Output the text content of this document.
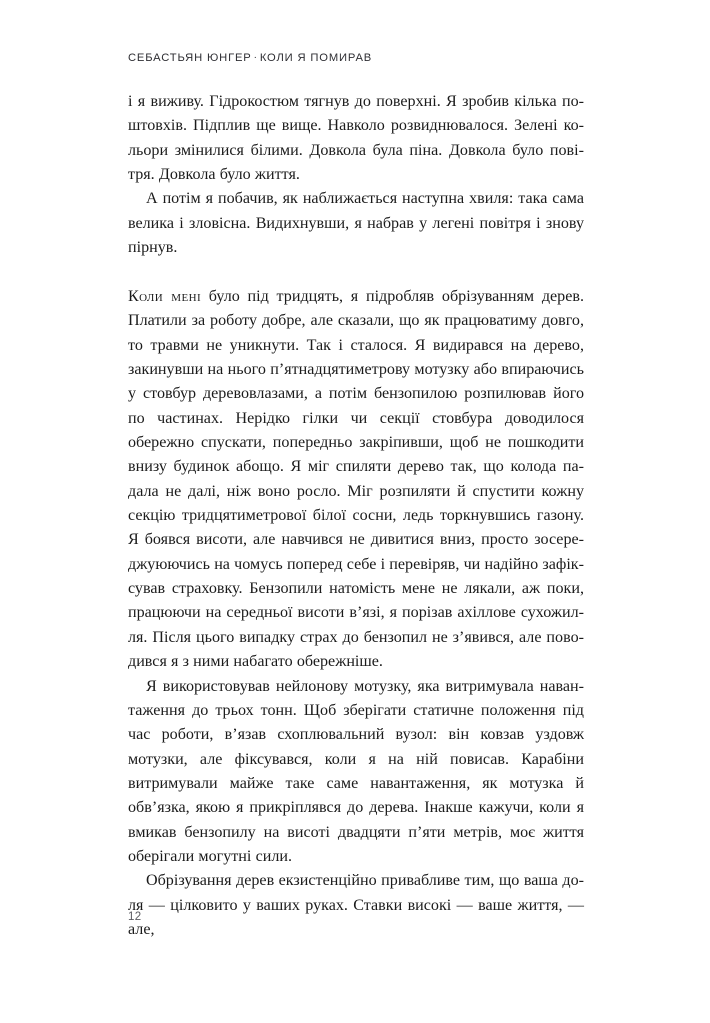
СЕБАСТЬЯН ЮНГЕР · КОЛИ Я ПОМИРАВ

і я виживу. Гідрокостюм тягнув до поверхні. Я зробив кілька поштовхів. Підплив ще вище. Навколо розвиднювалося. Зелені кольори змінилися білими. Довкола була піна. Довкола було повітря. Довкола було життя.

А потім я побачив, як наближається наступна хвиля: така сама велика і зловісна. Видихнувши, я набрав у легені повітря і знову пірнув.

Коли мені було під тридцять, я підробляв обрізуванням дерев. Платили за роботу добре, але сказали, що як працюватиму довго, то травми не уникнути. Так і сталося. Я видирався на дерево, закинувши на нього п’ятнадцятиметрову мотузку або впираючись у стовбур деревовлазами, а потім бензопилою розпилював його по частинах. Нерідко гілки чи секції стовбура доводилося обережно спускати, попередньо закріпивши, щоб не пошкодити внизу будинок абощо. Я міг спиляти дерево так, що колода падала не далі, ніж воно росло. Міг розпиляти й спустити кожну секцію тридцятиметрової білої сосни, ледь торкнувшись газону. Я боявся висоти, але навчився не дивитися вниз, просто зосереджуюючись на чомусь поперед себе і перевіряв, чи надійно зафіксував страховку. Бензопили натомість мене не лякали, аж поки, працюючи на середньої висоти в’язі, я порізав ахіллове сухожилля. Після цього випадку страх до бензопил не з’явився, але поводився я з ними набагато обережніше.

Я використовував нейлонову мотузку, яка витримувала навантаження до трьох тонн. Щоб зберігати статичне положення під час роботи, в’язав схоплювальний вузол: він ковзав уздовж мотузки, але фіксувався, коли я на ній повисав. Карабіни витримували майже таке саме навантаження, як мотузка й обв’язка, якою я прикріплявся до дерева. Інакше кажучи, коли я вмикав бензопилу на висоті двадцяти п’яти метрів, моє життя оберігали могутні сили.

Обрізування дерев екзистенційно привабливе тим, що ваша доля — цілковито у ваших руках. Ставки високі — ваше життя, — але,

12
